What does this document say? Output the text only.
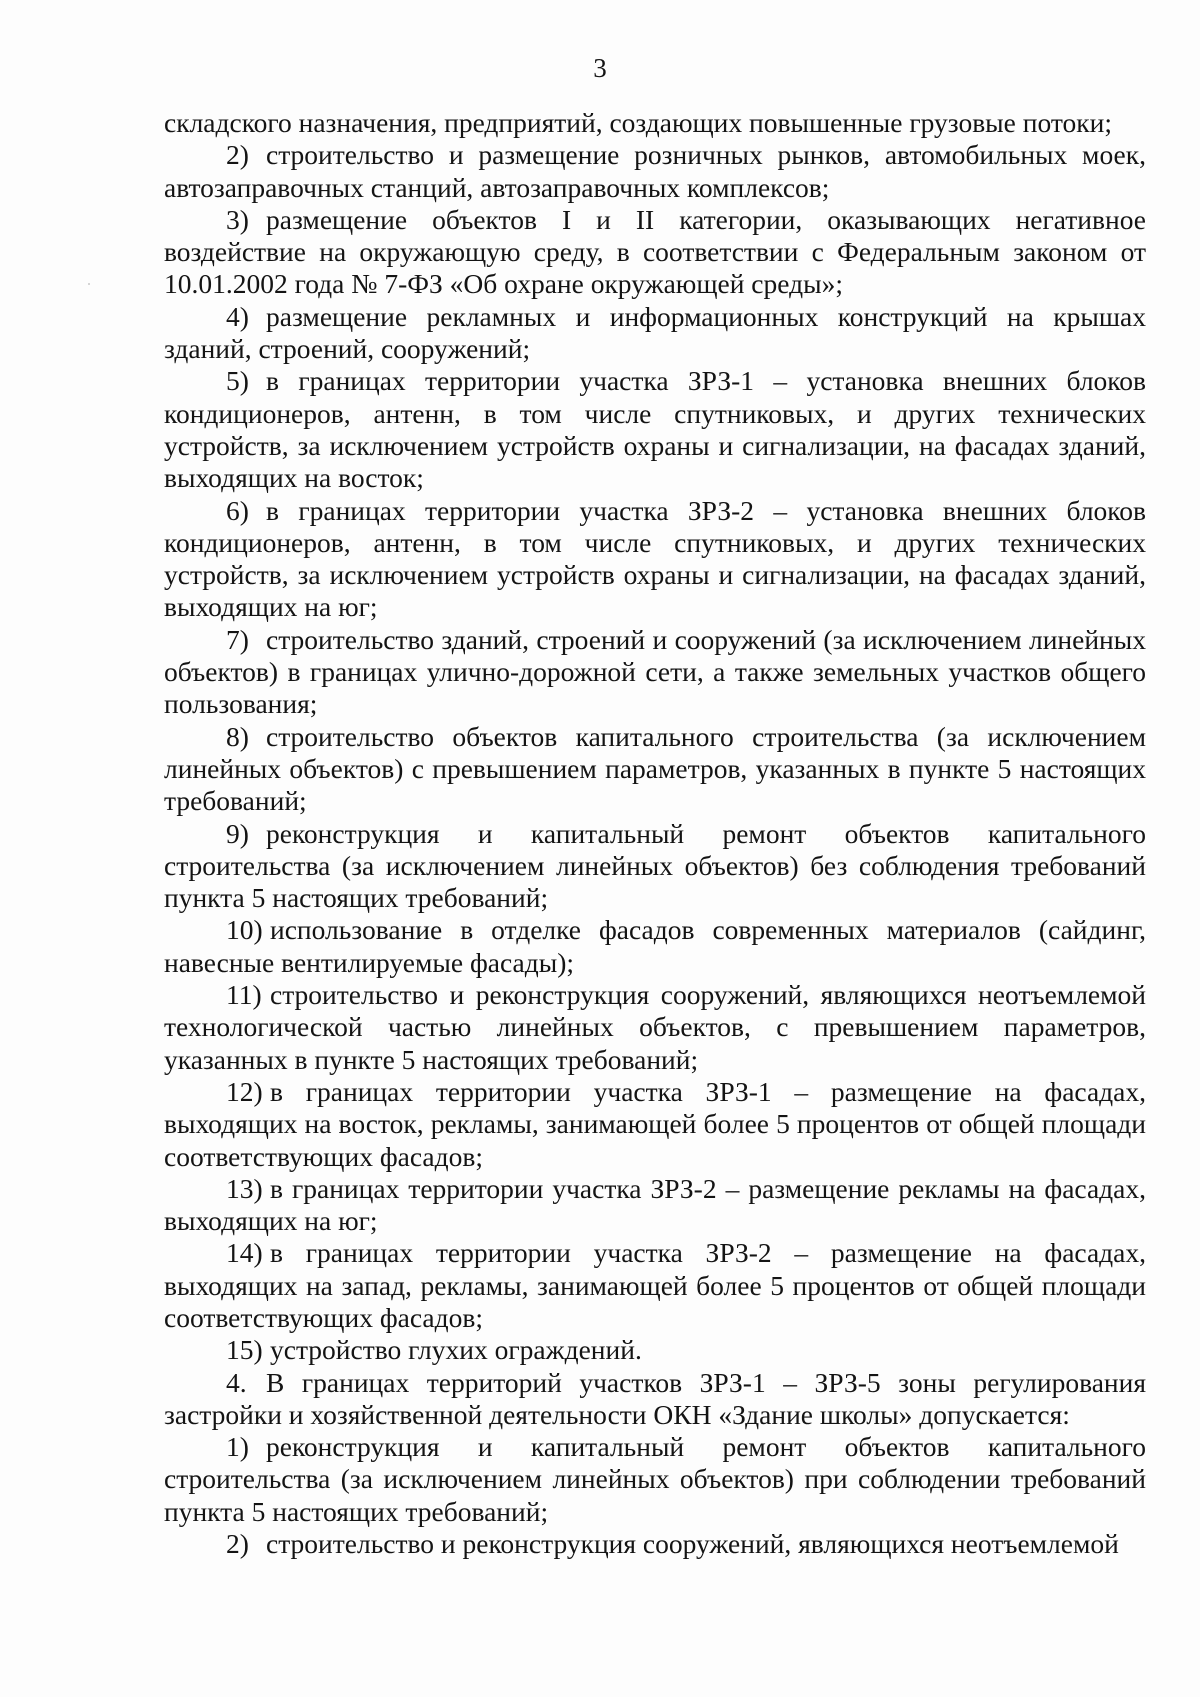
3

складского назначения, предприятий, создающих повышенные грузовые потоки;

2) строительство и размещение розничных рынков, автомобильных моек, автозаправочных станций, автозаправочных комплексов;

3) размещение объектов I и II категории, оказывающих негативное воздействие на окружающую среду, в соответствии с Федеральным законом от 10.01.2002 года № 7-ФЗ «Об охране окружающей среды»;

4) размещение рекламных и информационных конструкций на крышах зданий, строений, сооружений;

5) в границах территории участка ЗРЗ-1 – установка внешних блоков кондиционеров, антенн, в том числе спутниковых, и других технических устройств, за исключением устройств охраны и сигнализации, на фасадах зданий, выходящих на восток;

6) в границах территории участка ЗРЗ-2 – установка внешних блоков кондиционеров, антенн, в том числе спутниковых, и других технических устройств, за исключением устройств охраны и сигнализации, на фасадах зданий, выходящих на юг;

7) строительство зданий, строений и сооружений (за исключением линейных объектов) в границах улично-дорожной сети, а также земельных участков общего пользования;

8) строительство объектов капитального строительства (за исключением линейных объектов) с превышением параметров, указанных в пункте 5 настоящих требований;

9) реконструкция и капитальный ремонт объектов капитального строительства (за исключением линейных объектов) без соблюдения требований пункта 5 настоящих требований;

10) использование в отделке фасадов современных материалов (сайдинг, навесные вентилируемые фасады);

11) строительство и реконструкция сооружений, являющихся неотъемлемой технологической частью линейных объектов, с превышением параметров, указанных в пункте 5 настоящих требований;

12) в границах территории участка ЗРЗ-1 – размещение на фасадах, выходящих на восток, рекламы, занимающей более 5 процентов от общей площади соответствующих фасадов;

13) в границах территории участка ЗРЗ-2 – размещение рекламы на фасадах, выходящих на юг;

14) в границах территории участка ЗРЗ-2 – размещение на фасадах, выходящих на запад, рекламы, занимающей более 5 процентов от общей площади соответствующих фасадов;

15) устройство глухих ограждений.

4. В границах территорий участков ЗРЗ-1 – ЗРЗ-5 зоны регулирования застройки и хозяйственной деятельности ОКН «Здание школы» допускается:

1) реконструкция и капитальный ремонт объектов капитального строительства (за исключением линейных объектов) при соблюдении требований пункта 5 настоящих требований;

2) строительство и реконструкция сооружений, являющихся неотъемлемой
